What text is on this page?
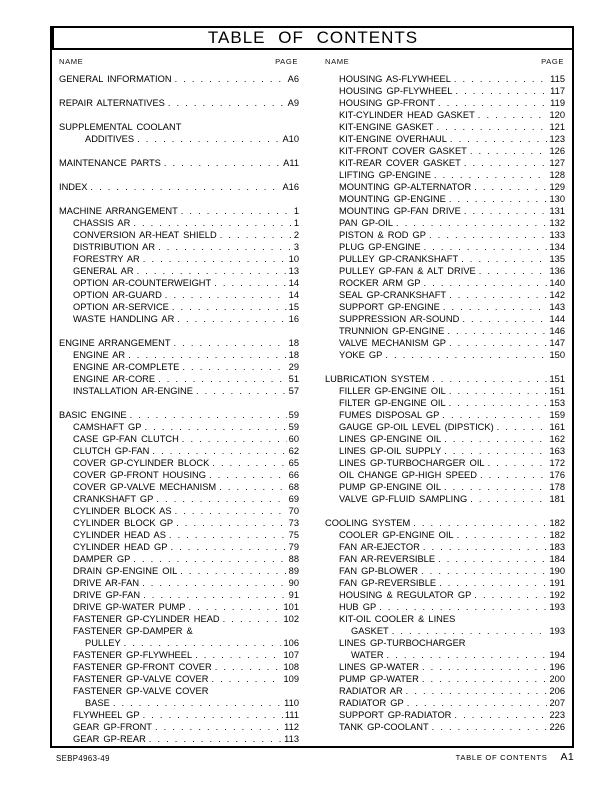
TABLE OF CONTENTS
NAME	PAGE
GENERAL INFORMATION . . .	A6
REPAIR ALTERNATIVES . . .	A9
SUPPLEMENTAL COOLANT
ADDITIVES . . .	A10
MAINTENANCE PARTS . . .	A11
INDEX . . .	A16
MACHINE ARRANGEMENT . . .	1
CHASSIS AR . . .	1
CONVERSION AR-HEAT SHIELD . . .	2
DISTRIBUTION AR . . .	3
FORESTRY AR . . .	10
GENERAL AR . . .	13
OPTION AR-COUNTERWEIGHT . . .	14
OPTION AR-GUARD . . .	14
OPTION AR-SERVICE . . .	15
WASTE HANDLING AR . . .	16
ENGINE ARRANGEMENT . . .	18
ENGINE AR . . .	18
ENGINE AR-COMPLETE . . .	29
ENGINE AR-CORE . . .	51
INSTALLATION AR-ENGINE . . .	57
BASIC ENGINE . . .	59
CAMSHAFT GP . . .	59
CASE GP-FAN CLUTCH . . .	60
CLUTCH GP-FAN . . .	62
COVER GP-CYLINDER BLOCK . . .	65
COVER GP-FRONT HOUSING . . .	66
COVER GP-VALVE MECHANISM . . .	68
CRANKSHAFT GP . . .	69
CYLINDER BLOCK AS . . .	70
CYLINDER BLOCK GP . . .	73
CYLINDER HEAD AS . . .	75
CYLINDER HEAD GP . . .	79
DAMPER GP . . .	88
DRAIN GP-ENGINE OIL . . .	89
DRIVE AR-FAN . . .	90
DRIVE GP-FAN . . .	91
DRIVE GP-WATER PUMP . . .	101
FASTENER GP-CYLINDER HEAD . . .	102
FASTENER GP-DAMPER &
PULLEY . . .	106
FASTENER GP-FLYWHEEL . . .	107
FASTENER GP-FRONT COVER . . .	108
FASTENER GP-VALVE COVER . . .	109
FASTENER GP-VALVE COVER
BASE . . .	110
FLYWHEEL GP . . .	111
GEAR GP-FRONT . . .	112
GEAR GP-REAR . . .	113
NAME	PAGE
HOUSING AS-FLYWHEEL . . .	115
HOUSING GP-FLYWHEEL . . .	117
HOUSING GP-FRONT . . .	119
KIT-CYLINDER HEAD GASKET . . .	120
KIT-ENGINE GASKET . . .	121
KIT-ENGINE OVERHAUL . . .	123
KIT-FRONT COVER GASKET . . .	126
KIT-REAR COVER GASKET . . .	127
LIFTING GP-ENGINE . . .	128
MOUNTING GP-ALTERNATOR . . .	129
MOUNTING GP-ENGINE . . .	130
MOUNTING GP-FAN DRIVE . . .	131
PAN GP-OIL . . .	132
PISTON & ROD GP . . .	133
PLUG GP-ENGINE . . .	134
PULLEY GP-CRANKSHAFT . . .	135
PULLEY GP-FAN & ALT DRIVE . . .	136
ROCKER ARM GP . . .	140
SEAL GP-CRANKSHAFT . . .	142
SUPPORT GP-ENGINE . . .	143
SUPPRESSION AR-SOUND . . .	144
TRUNNION GP-ENGINE . . .	146
VALVE MECHANISM GP . . .	147
YOKE GP . . .	150
LUBRICATION SYSTEM . . .	151
FILLER GP-ENGINE OIL . . .	151
FILTER GP-ENGINE OIL . . .	153
FUMES DISPOSAL GP . . .	159
GAUGE GP-OIL LEVEL (DIPSTICK) . . .	161
LINES GP-ENGINE OIL . . .	162
LINES GP-OIL SUPPLY . . .	163
LINES GP-TURBOCHARGER OIL . . .	172
OIL CHANGE GP-HIGH SPEED . . .	176
PUMP GP-ENGINE OIL . . .	178
VALVE GP-FLUID SAMPLING . . .	181
COOLING SYSTEM . . .	182
COOLER GP-ENGINE OIL . . .	182
FAN AR-EJECTOR . . .	183
FAN AR-REVERSIBLE . . .	184
FAN GP-BLOWER . . .	190
FAN GP-REVERSIBLE . . .	191
HOUSING & REGULATOR GP . . .	192
HUB GP . . .	193
KIT-OIL COOLER & LINES
GASKET . . .	193
LINES GP-TURBOCHARGER
WATER . . .	194
LINES GP-WATER . . .	196
PUMP GP-WATER . . .	200
RADIATOR AR . . .	206
RADIATOR GP . . .	207
SUPPORT GP-RADIATOR . . .	223
TANK GP-COOLANT . . .	226
SEBP4963-49	TABLE OF CONTENTS A1
